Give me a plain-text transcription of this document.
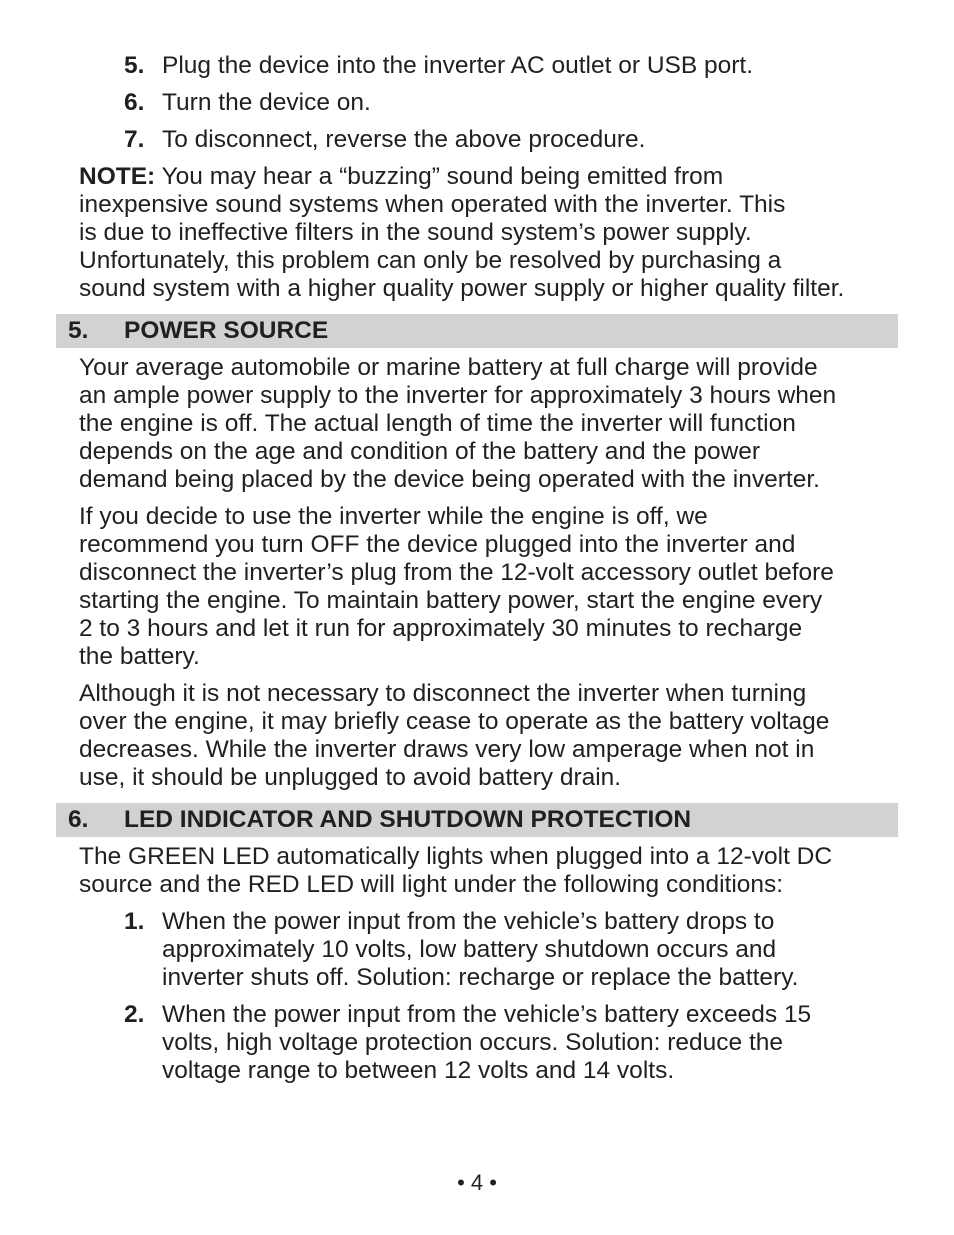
5. Plug the device into the inverter AC outlet or USB port.
6. Turn the device on.
7. To disconnect, reverse the above procedure.
NOTE: You may hear a “buzzing” sound being emitted from
inexpensive sound systems when operated with the inverter. This
is due to ineffective filters in the sound system’s power supply.
Unfortunately, this problem can only be resolved by purchasing a
sound system with a higher quality power supply or higher quality filter.
5. POWER SOURCE
Your average automobile or marine battery at full charge will provide
an ample power supply to the inverter for approximately 3 hours when
the engine is off. The actual length of time the inverter will function
depends on the age and condition of the battery and the power
demand being placed by the device being operated with the inverter.
If you decide to use the inverter while the engine is off, we
recommend you turn OFF the device plugged into the inverter and
disconnect the inverter’s plug from the 12-volt accessory outlet before
starting the engine. To maintain battery power, start the engine every
2 to 3 hours and let it run for approximately 30 minutes to recharge
the battery.
Although it is not necessary to disconnect the inverter when turning
over the engine, it may briefly cease to operate as the battery voltage
decreases. While the inverter draws very low amperage when not in
use, it should be unplugged to avoid battery drain.
6. LED INDICATOR AND SHUTDOWN PROTECTION
The GREEN LED automatically lights when plugged into a 12-volt DC
source and the RED LED will light under the following conditions:
1. When the power input from the vehicle’s battery drops to
approximately 10 volts, low battery shutdown occurs and
inverter shuts off. Solution: recharge or replace the battery.
2. When the power input from the vehicle’s battery exceeds 15
volts, high voltage protection occurs. Solution: reduce the
voltage range to between 12 volts and 14 volts.
• 4 •
